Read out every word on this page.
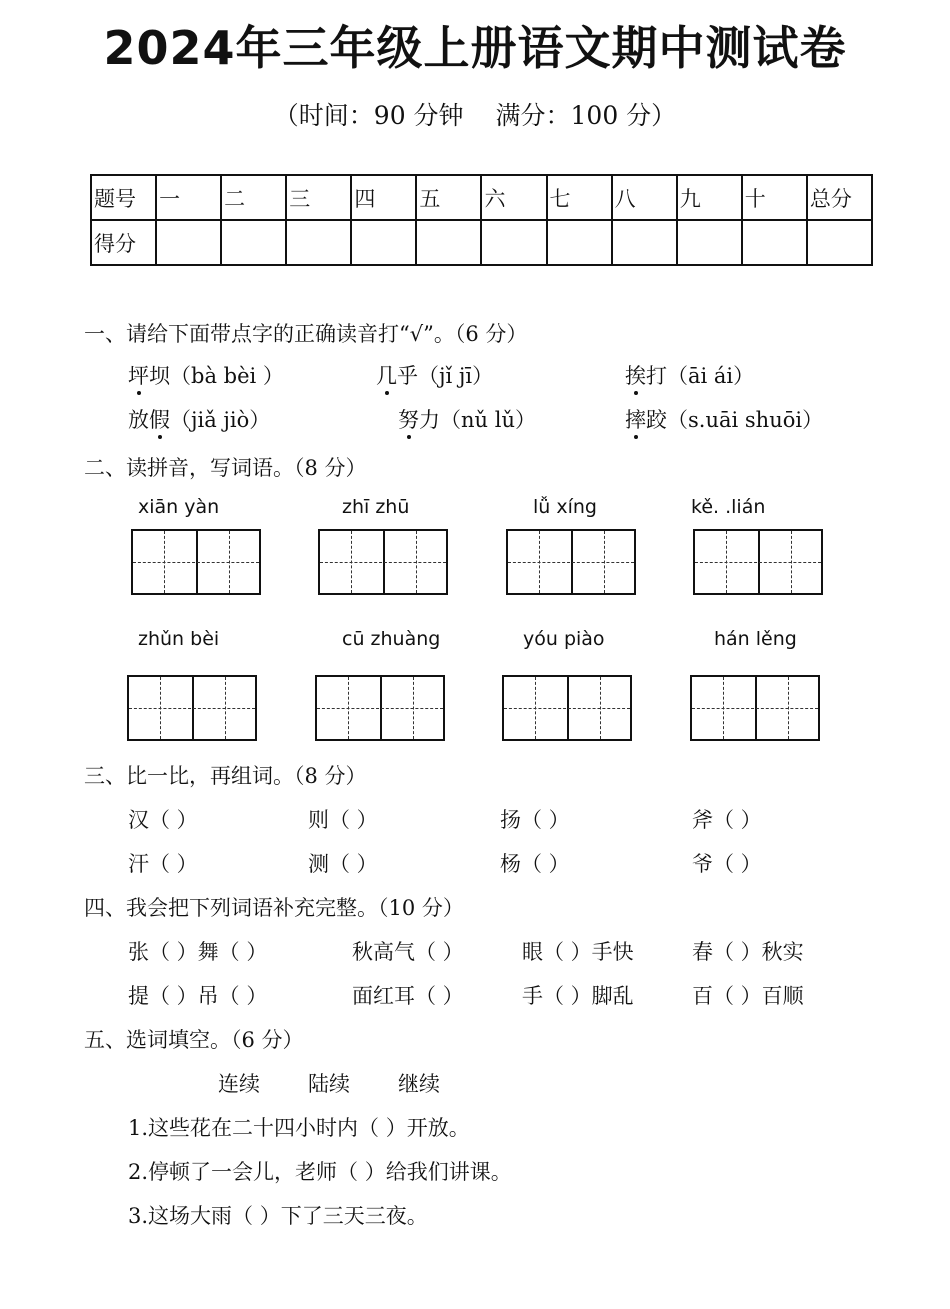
2024年三年级上册语文期中测试卷
（时间：90 分钟 满分：100 分）
题号	一	二	三	四	五	六	七	八	九	十	总分
得分											
一、请给下面带点字的正确读音打“√”。（6 分）
坪坝（bà bèi ）	几乎（jǐ jī）	挨打（āi ái）
放假（jiǎ jiò）	努力（nǔ lǔ）	摔跤（s.uāi shuōi）
二、读拼音，写词语。（8 分）
xiān yàn	zhī zhū	lǚ xíng	kě. .lián
zhǔn bèi	cū zhuàng	yóu piào	hán lěng
三、比一比，再组词。（8 分）
汉（ ）	则（ ）	扬（ ）	斧（ ）
汗（ ）	测（ ）	杨（ ）	爷（ ）
四、我会把下列词语补充完整。（10 分）
张（ ）舞（ ）	秋高气（ ）	眼（ ）手快	春（ ）秋实
提（ ）吊（ ）	面红耳（ ）	手（ ）脚乱	百（ ）百顺
五、选词填空。（6 分）
连续 陆续 继续
1.这些花在二十四小时内（ ）开放。
2.停顿了一会儿，老师（ ）给我们讲课。
3.这场大雨（ ）下了三天三夜。
